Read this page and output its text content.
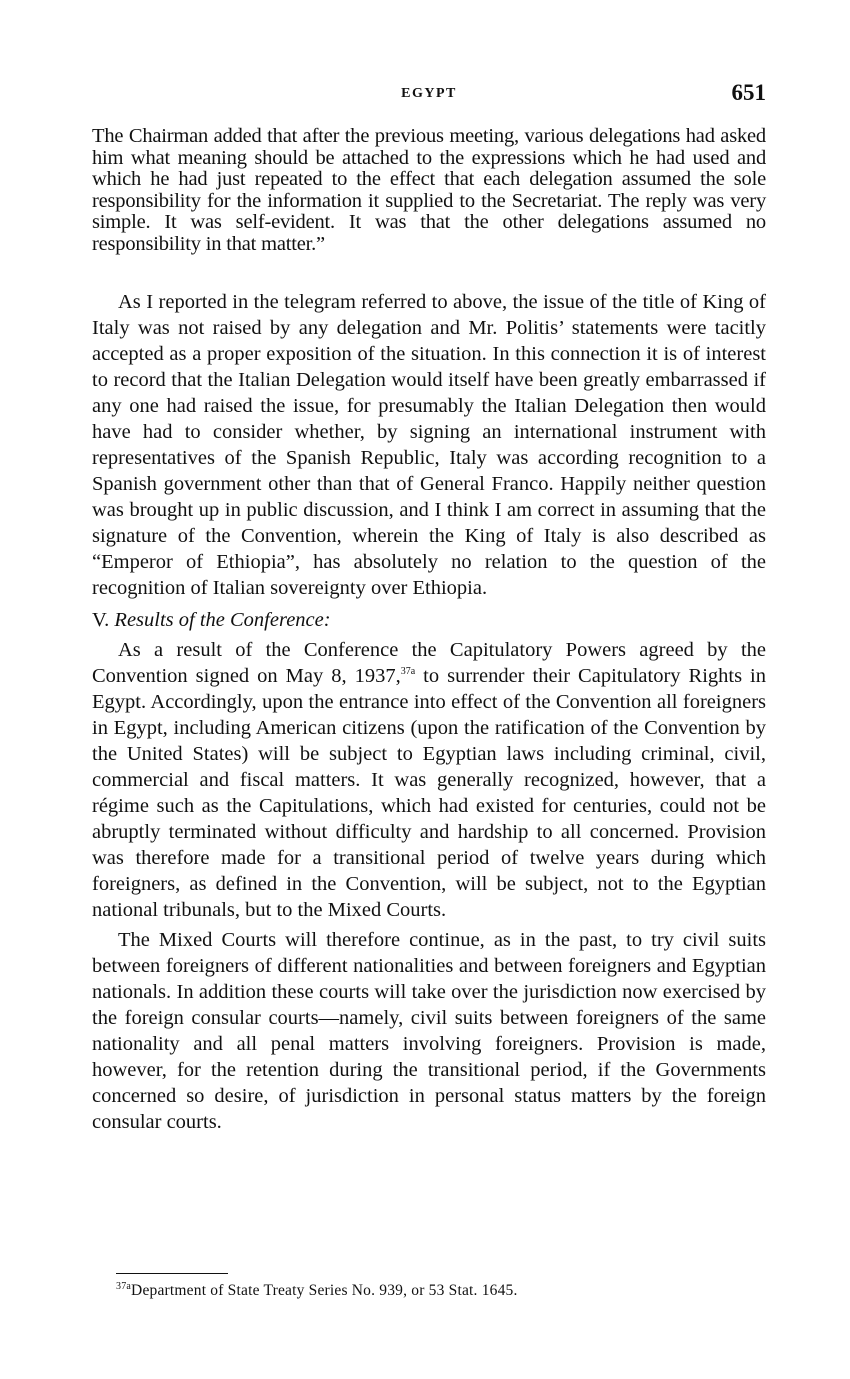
EGYPT	651
The Chairman added that after the previous meeting, various delegations had asked him what meaning should be attached to the expressions which he had used and which he had just repeated to the effect that each delegation assumed the sole responsibility for the information it supplied to the Secretariat. The reply was very simple. It was self-evident. It was that the other delegations assumed no responsibility in that matter.”

As I reported in the telegram referred to above, the issue of the title of King of Italy was not raised by any delegation and Mr. Politis’ statements were tacitly accepted as a proper exposition of the situation. In this connection it is of interest to record that the Italian Delegation would itself have been greatly embarrassed if any one had raised the issue, for presumably the Italian Delegation then would have had to consider whether, by signing an international instrument with representatives of the Spanish Republic, Italy was according recognition to a Spanish government other than that of General Franco. Happily neither question was brought up in public discussion, and I think I am correct in assuming that the signature of the Convention, wherein the King of Italy is also described as “Emperor of Ethiopia”, has absolutely no relation to the question of the recognition of Italian sovereignty over Ethiopia.

V. Results of the Conference:

As a result of the Conference the Capitulatory Powers agreed by the Convention signed on May 8, 1937,$^{37a}$ to surrender their Capitulatory Rights in Egypt. Accordingly, upon the entrance into effect of the Convention all foreigners in Egypt, including American citizens (upon the ratification of the Convention by the United States) will be subject to Egyptian laws including criminal, civil, commercial and fiscal matters. It was generally recognized, however, that a régime such as the Capitulations, which had existed for centuries, could not be abruptly terminated without difficulty and hardship to all concerned. Provision was therefore made for a transitional period of twelve years during which foreigners, as defined in the Convention, will be subject, not to the Egyptian national tribunals, but to the Mixed Courts.

The Mixed Courts will therefore continue, as in the past, to try civil suits between foreigners of different nationalities and between foreigners and Egyptian nationals. In addition these courts will take over the jurisdiction now exercised by the foreign consular courts—namely, civil suits between foreigners of the same nationality and all penal matters involving foreigners. Provision is made, however, for the retention during the transitional period, if the Governments concerned so desire, of jurisdiction in personal status matters by the foreign consular courts.

$^{37a}$Department of State Treaty Series No. 939, or 53 Stat. 1645.
